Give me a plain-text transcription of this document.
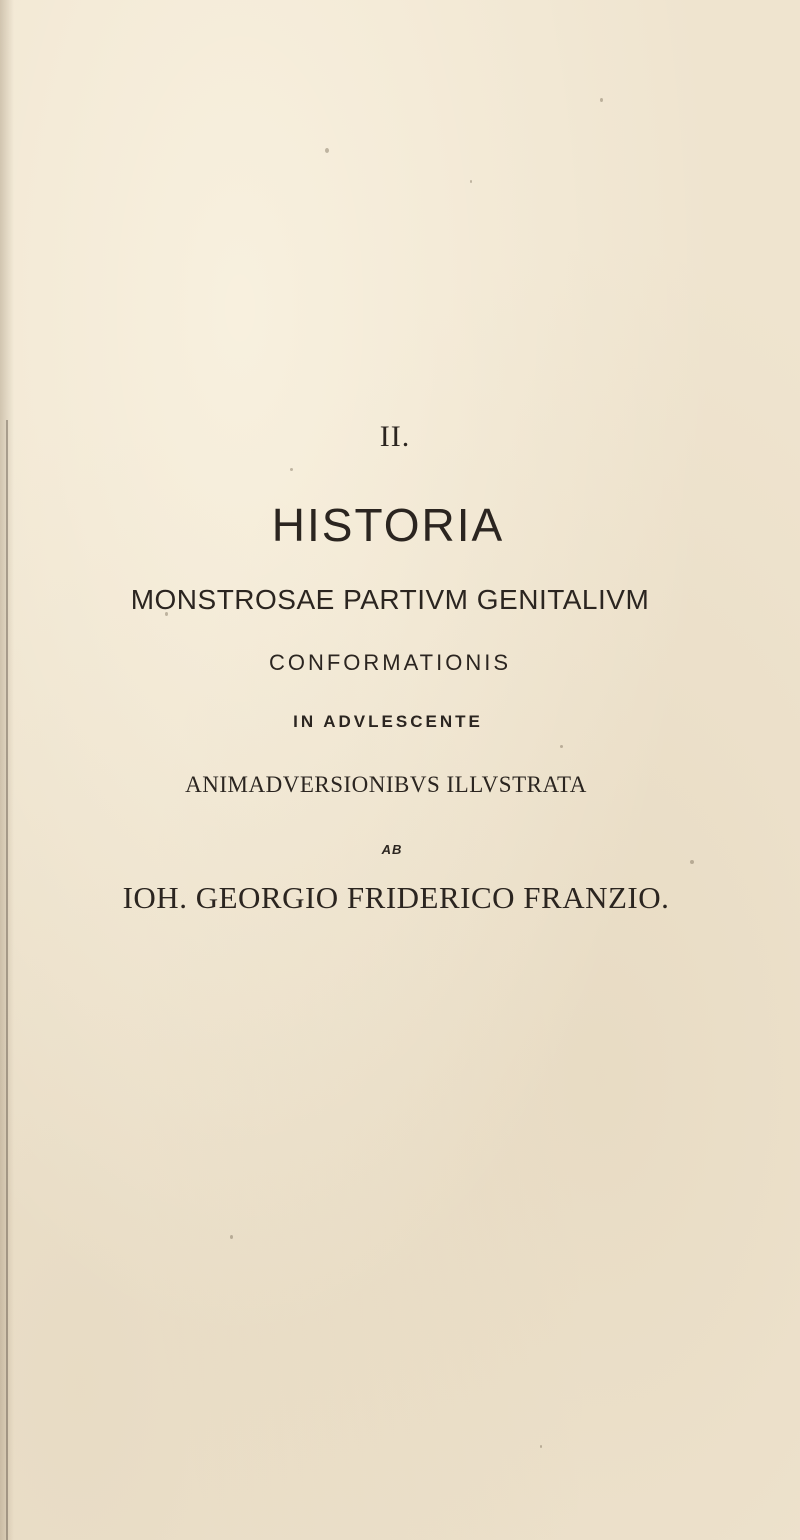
II.

HISTORIA

MONSTROSAE PARTIVM GENITALIVM

CONFORMATIONIS

IN ADVLESCENTE

ANIMADVERSIONIBVS ILLVSTRATA

AB

IOH. GEORGIO FRIDERICO FRANZIO.
